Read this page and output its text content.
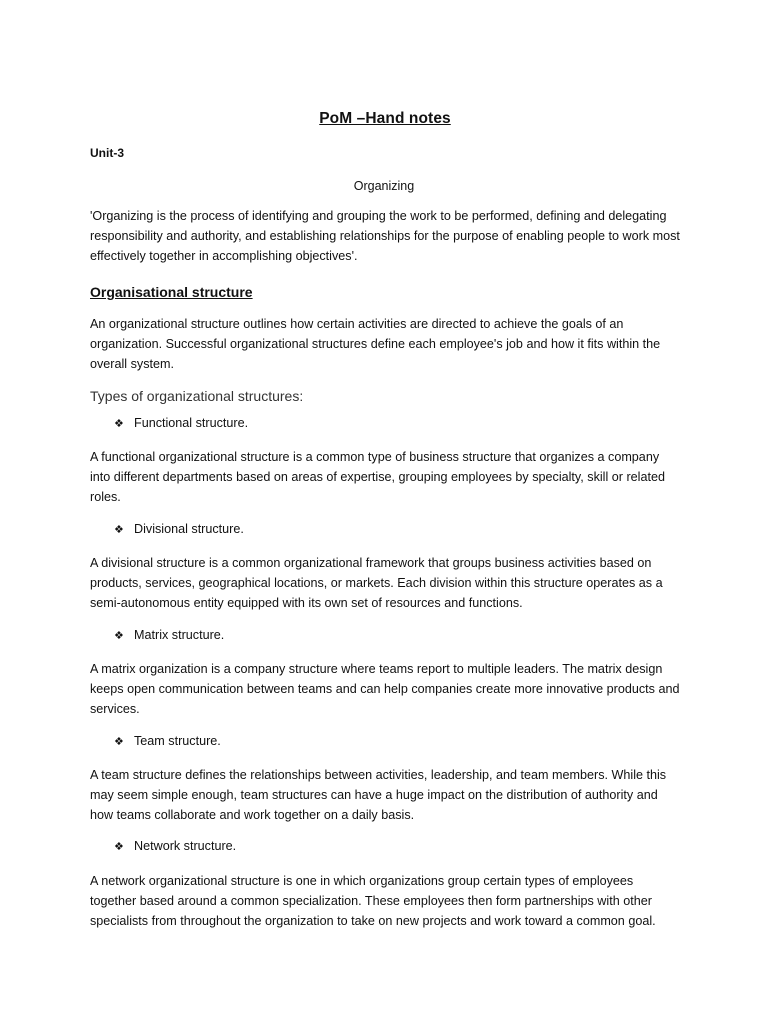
PoM –Hand notes
Unit-3
Organizing

'Organizing is the process of identifying and grouping the work to be performed, defining and delegating responsibility and authority, and establishing relationships for the purpose of enabling people to work most effectively together in accomplishing objectives'.

Organisational structure

An organizational structure outlines how certain activities are directed to achieve the goals of an organization. Successful organizational structures define each employee's job and how it fits within the overall system.

Types of organizational structures:
❖ Functional structure.

A functional organizational structure is a common type of business structure that organizes a company into different departments based on areas of expertise, grouping employees by specialty, skill or related roles.

❖ Divisional structure.

A divisional structure is a common organizational framework that groups business activities based on products, services, geographical locations, or markets. Each division within this structure operates as a semi-autonomous entity equipped with its own set of resources and functions.

❖ Matrix structure.

A matrix organization is a company structure where teams report to multiple leaders. The matrix design keeps open communication between teams and can help companies create more innovative products and services.

❖ Team structure.

A team structure defines the relationships between activities, leadership, and team members. While this may seem simple enough, team structures can have a huge impact on the distribution of authority and how teams collaborate and work together on a daily basis.

❖ Network structure.

A network organizational structure is one in which organizations group certain types of employees together based around a common specialization. These employees then form partnerships with other specialists from throughout the organization to take on new projects and work toward a common goal.
